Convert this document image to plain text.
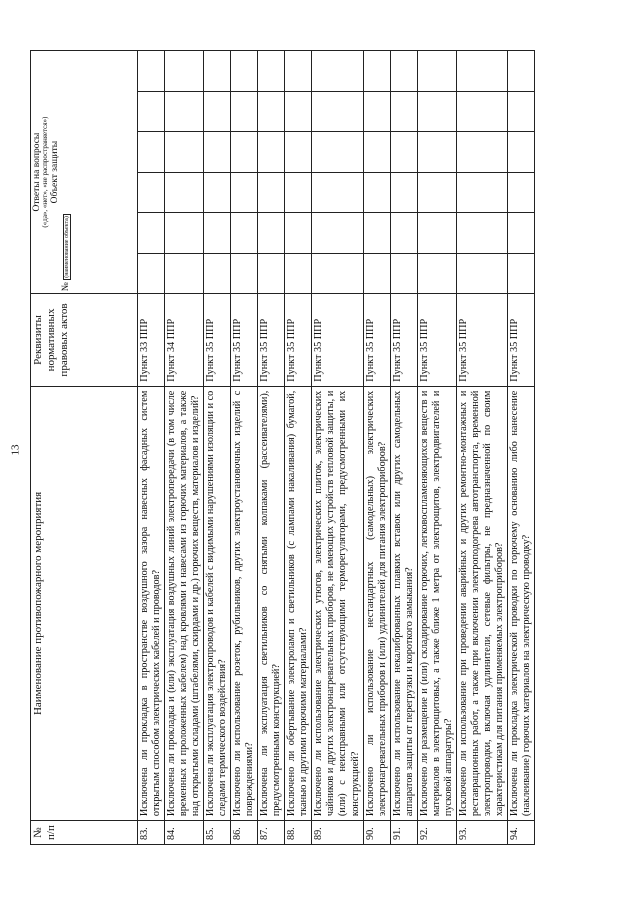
13
№ п/п	Наименование противопожарного мероприятия	Реквизиты нормативных правовых актов	Ответы на вопросы («да», «нет», «не распространяется») Объект защиты
№ (наименование объекта)					

83.	Исключена ли прокладка в пространстве воздушного зазора навесных фасадных систем открытым способом электрических кабелей и проводов?	Пункт 33 ППР						
84.	Исключена ли прокладка и (или) эксплуатация воздушных линий электропередачи (в том числе временных и проложенных кабелем) над кровлями и навесами из горючих материалов, а также над открытыми складами (штабелями, скирдами и др.) горючих веществ, материалов и изделий?	Пункт 34 ППР						
85.	Исключена ли эксплуатация электропроводов и кабелей с видимыми нарушениями изоляции и со следами термического воздействия?	Пункт 35 ППР						
86.	Исключено ли использование розеток, рубильников, других электроустановочных изделий с повреждениями?	Пункт 35 ППР						
87.	Исключена ли эксплуатация светильников со снятыми колпаками (рассеивателями), предусмотренными конструкцией?	Пункт 35 ППР						
88.	Исключено ли обертывание электроламп и светильников (с лампами накаливания) бумагой, тканью и другими горючими материалами?	Пункт 35 ППР						
89.	Исключено ли использование электрических утюгов, электрических плиток, электрических чайников и других электронагревательных приборов, не имеющих устройств тепловой защиты, и (или) с неисправными или отсутствующими терморегуляторами, предусмотренными их конструкцией?	Пункт 35 ППР						
90.	Исключено ли использование нестандартных (самодельных) электрических электронагревательных приборов и (или) удлинителей для питания электроприборов?	Пункт 35 ППР						
91.	Исключено ли использование некалиброванных плавких вставок или других самодельных аппаратов защиты от перегрузки и короткого замыкания?	Пункт 35 ППР						
92.	Исключено ли размещение и (или) складирование горючих, легковоспламеняющихся веществ и материалов в электрощитовых, а также ближе 1 метра от электрощитов, электродвигателей и пусковой аппаратуры?	Пункт 35 ППР						
93.	Исключено ли использование при проведении аварийных и других ремонтно-монтажных и реставрационных работ, а также при включении электроподогрева автотранспорта, временной электропроводки, включая удлинители, сетевые фильтры, не предназначенной по своим характеристикам для питания применяемых электроприборов?	Пункт 35 ППР						
94.	Исключена ли прокладка электрической проводки по горючему основанию либо нанесение (наклеивание) горючих материалов на электрическую проводку?	Пункт 35 ППР						
